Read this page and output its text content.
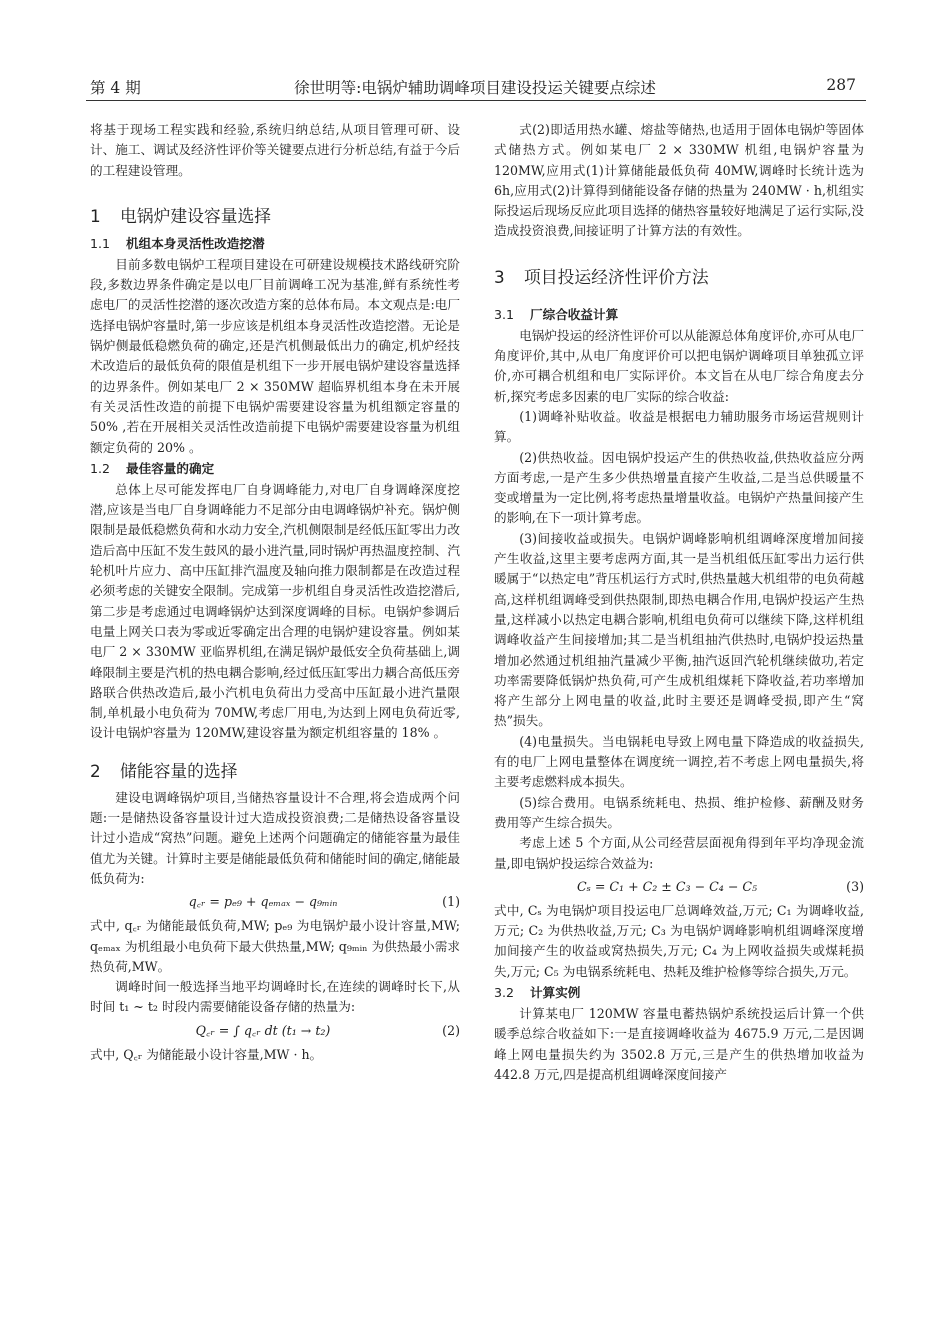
第 4 期	徐世明等:电锅炉辅助调峰项目建设投运关键要点综述	287

将基于现场工程实践和经验,系统归纳总结,从项目管理可研、设计、施工、调试及经济性评价等关键要点进行分析总结,有益于今后的工程建设管理。

1 电锅炉建设容量选择
1.1 机组本身灵活性改造挖潜

目前多数电锅炉工程项目建设在可研建设规模技术路线研究阶段,多数边界条件确定是以电厂目前调峰工况为基准,鲜有系统性考虑电厂的灵活性挖潜的逐次改造方案的总体布局。本文观点是:电厂选择电锅炉容量时,第一步应该是机组本身灵活性改造挖潜。无论是锅炉侧最低稳燃负荷的确定,还是汽机侧最低出力的确定,机炉经技术改造后的最低负荷的限值是机组下一步开展电锅炉建设容量选择的边界条件。例如某电厂 2 × 350MW 超临界机组本身在未开展有关灵活性改造的前提下电锅炉需要建设容量为机组额定容量的 50% ,若在开展相关灵活性改造前提下电锅炉需要建设容量为机组额定负荷的 20% 。

1.2 最佳容量的确定

总体上尽可能发挥电厂自身调峰能力,对电厂自身调峰深度挖潜,应该是当电厂自身调峰能力不足部分由电调峰锅炉补充。锅炉侧限制是最低稳燃负荷和水动力安全,汽机侧限制是经低压缸零出力改造后高中压缸不发生鼓风的最小进汽量,同时锅炉再热温度控制、汽轮机叶片应力、高中压缸排汽温度及轴向推力限制都是在改造过程必须考虑的关键安全限制。完成第一步机组自身灵活性改造挖潜后,第二步是考虑通过电调峰锅炉达到深度调峰的目标。电锅炉参调后电量上网关口表为零或近零确定出合理的电锅炉建设容量。例如某电厂 2 × 330MW 亚临界机组,在满足锅炉最低安全负荷基础上,调峰限制主要是汽机的热电耦合影响,经过低压缸零出力耦合高低压旁路联合供热改造后,最小汽机电负荷出力受高中压缸最小进汽量限制,单机最小电负荷为 70MW,考虑厂用电,为达到上网电负荷近零,设计电锅炉容量为 120MW,建设容量为额定机组容量的 18% 。

2 储能容量的选择

建设电调峰锅炉项目,当储热容量设计不合理,将会造成两个问题:一是储热设备容量设计过大造成投资浪费;二是储热设备容量设计过小造成“窝热”问题。避免上述两个问题确定的储能容量为最佳值尤为关键。计算时主要是储能最低负荷和储能时间的确定,储能最低负荷为:

q꜀ᵣ = pₑ₉ + qₑₘₐₓ − q₉ₘᵢₙ	(1)

式中, q꜀ᵣ 为储能最低负荷,MW; pₑ₉ 为电锅炉最小设计容量,MW; qₑₘₐₓ 为机组最小电负荷下最大供热量,MW; q₉ₘᵢₙ 为供热最小需求热负荷,MW。

调峰时间一般选择当地平均调峰时长,在连续的调峰时长下,从时间 t₁ ~ t₂ 时段内需要储能设备存储的热量为:

Q꜀ᵣ = ∫ q꜀ᵣ dt (t₁ → t₂)	(2)

式中, Q꜀ᵣ 为储能最小设计容量,MW · h。

式(2)即适用热水罐、熔盐等储热,也适用于固体电锅炉等固体式储热方式。例如某电厂 2 × 330MW 机组,电锅炉容量为 120MW,应用式(1)计算储能最低负荷 40MW,调峰时长统计选为 6h,应用式(2)计算得到储能设备存储的热量为 240MW · h,机组实际投运后现场反应此项目选择的储热容量较好地满足了运行实际,没造成投资浪费,间接证明了计算方法的有效性。

3 项目投运经济性评价方法
3.1 厂综合收益计算

电锅炉投运的经济性评价可以从能源总体角度评价,亦可从电厂角度评价,其中,从电厂角度评价可以把电锅炉调峰项目单独孤立评价,亦可耦合机组和电厂实际评价。本文旨在从电厂综合角度去分析,探究考虑多因素的电厂实际的综合收益:

(1)调峰补贴收益。收益是根据电力辅助服务市场运营规则计算。

(2)供热收益。因电锅炉投运产生的供热收益,供热收益应分两方面考虑,一是产生多少供热增量直接产生收益,二是当总供暖量不变或增量为一定比例,将考虑热量增量收益。电锅炉产热量间接产生的影响,在下一项计算考虑。

(3)间接收益或损失。电锅炉调峰影响机组调峰深度增加间接产生收益,这里主要考虑两方面,其一是当机组低压缸零出力运行供暖属于“以热定电”背压机运行方式时,供热量越大机组带的电负荷越高,这样机组调峰受到供热限制,即热电耦合作用,电锅炉投运产生热量,这样减小以热定电耦合影响,机组电负荷可以继续下降,这样机组调峰收益产生间接增加;其二是当机组抽汽供热时,电锅炉投运热量增加必然通过机组抽汽量减少平衡,抽汽返回汽轮机继续做功,若定功率需要降低锅炉热负荷,可产生成机组煤耗下降收益,若功率增加将产生部分上网电量的收益,此时主要还是调峰受损,即产生“窝热”损失。

(4)电量损失。当电锅耗电导致上网电量下降造成的收益损失,有的电厂上网电量整体在调度统一调控,若不考虑上网电量损失,将主要考虑燃料成本损失。

(5)综合费用。电锅系统耗电、热损、维护检修、薪酬及财务费用等产生综合损失。

考虑上述 5 个方面,从公司经营层面视角得到年平均净现金流量,即电锅炉投运综合效益为:

Cₛ = C₁ + C₂ ± C₃ − C₄ − C₅	(3)

式中, Cₛ 为电锅炉项目投运电厂总调峰效益,万元; C₁ 为调峰收益,万元; C₂ 为供热收益,万元; C₃ 为电锅炉调峰影响机组调峰深度增加间接产生的收益或窝热损失,万元; C₄ 为上网收益损失或煤耗损失,万元; C₅ 为电锅系统耗电、热耗及维护检修等综合损失,万元。

3.2 计算实例

计算某电厂 120MW 容量电蓄热锅炉系统投运后计算一个供暖季总综合收益如下:一是直接调峰收益为 4675.9 万元,二是因调峰上网电量损失约为 3502.8 万元,三是产生的供热增加收益为 442.8 万元,四是提高机组调峰深度间接产
